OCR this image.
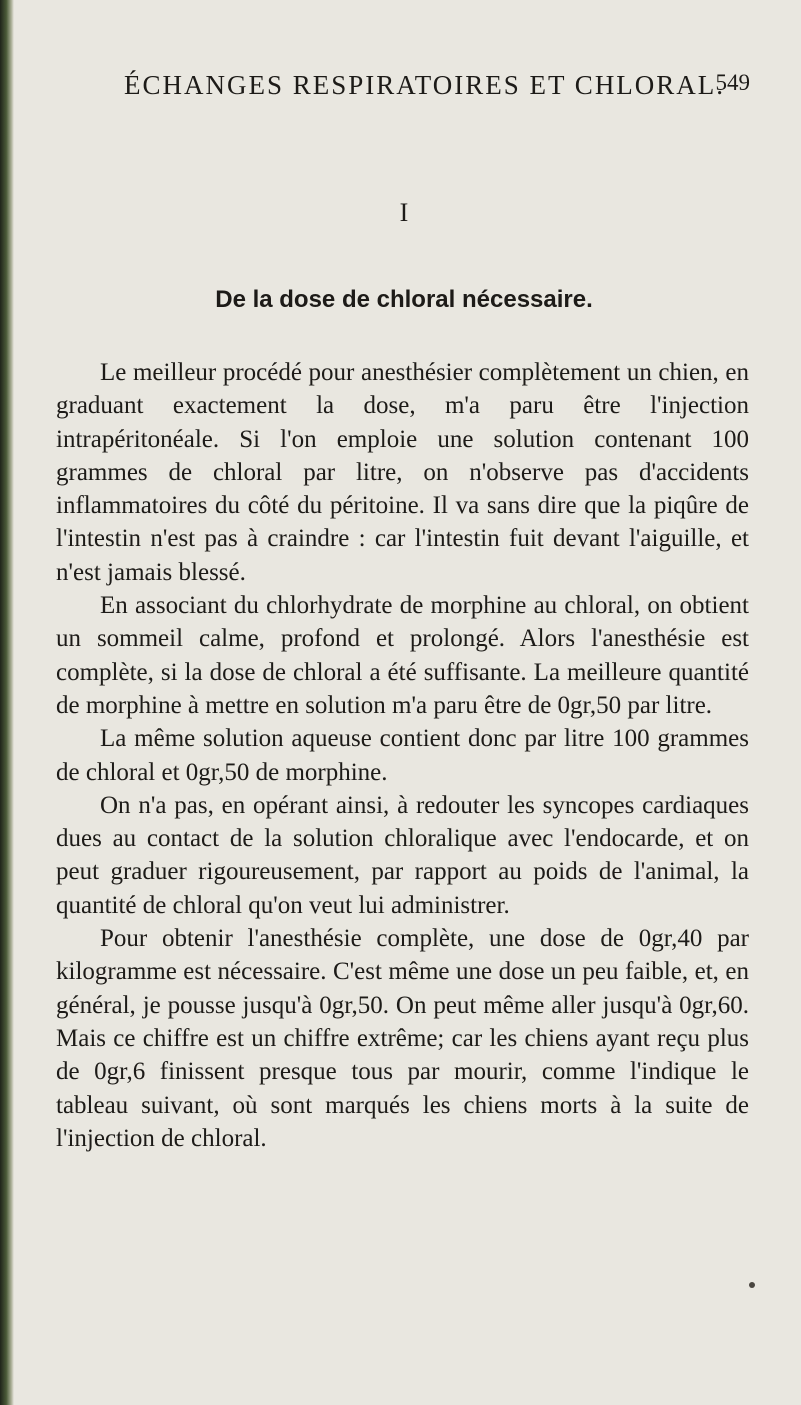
ÉCHANGES RESPIRATOIRES ET CHLORAL.
549
I
De la dose de chloral nécessaire.

Le meilleur procédé pour anesthésier complètement un chien, en graduant exactement la dose, m'a paru être l'injection intrapéritonéale. Si l'on emploie une solution contenant 100 grammes de chloral par litre, on n'observe pas d'accidents inflammatoires du côté du péritoine. Il va sans dire que la piqûre de l'intestin n'est pas à craindre : car l'intestin fuit devant l'aiguille, et n'est jamais blessé.

En associant du chlorhydrate de morphine au chloral, on obtient un sommeil calme, profond et prolongé. Alors l'anesthésie est complète, si la dose de chloral a été suffisante. La meilleure quantité de morphine à mettre en solution m'a paru être de 0gr,50 par litre.

La même solution aqueuse contient donc par litre 100 grammes de chloral et 0gr,50 de morphine.

On n'a pas, en opérant ainsi, à redouter les syncopes cardiaques dues au contact de la solution chloralique avec l'endocarde, et on peut graduer rigoureusement, par rapport au poids de l'animal, la quantité de chloral qu'on veut lui administrer.

Pour obtenir l'anesthésie complète, une dose de 0gr,40 par kilogramme est nécessaire. C'est même une dose un peu faible, et, en général, je pousse jusqu'à 0gr,50. On peut même aller jusqu'à 0gr,60. Mais ce chiffre est un chiffre extrême; car les chiens ayant reçu plus de 0gr,6 finissent presque tous par mourir, comme l'indique le tableau suivant, où sont marqués les chiens morts à la suite de l'injection de chloral.
